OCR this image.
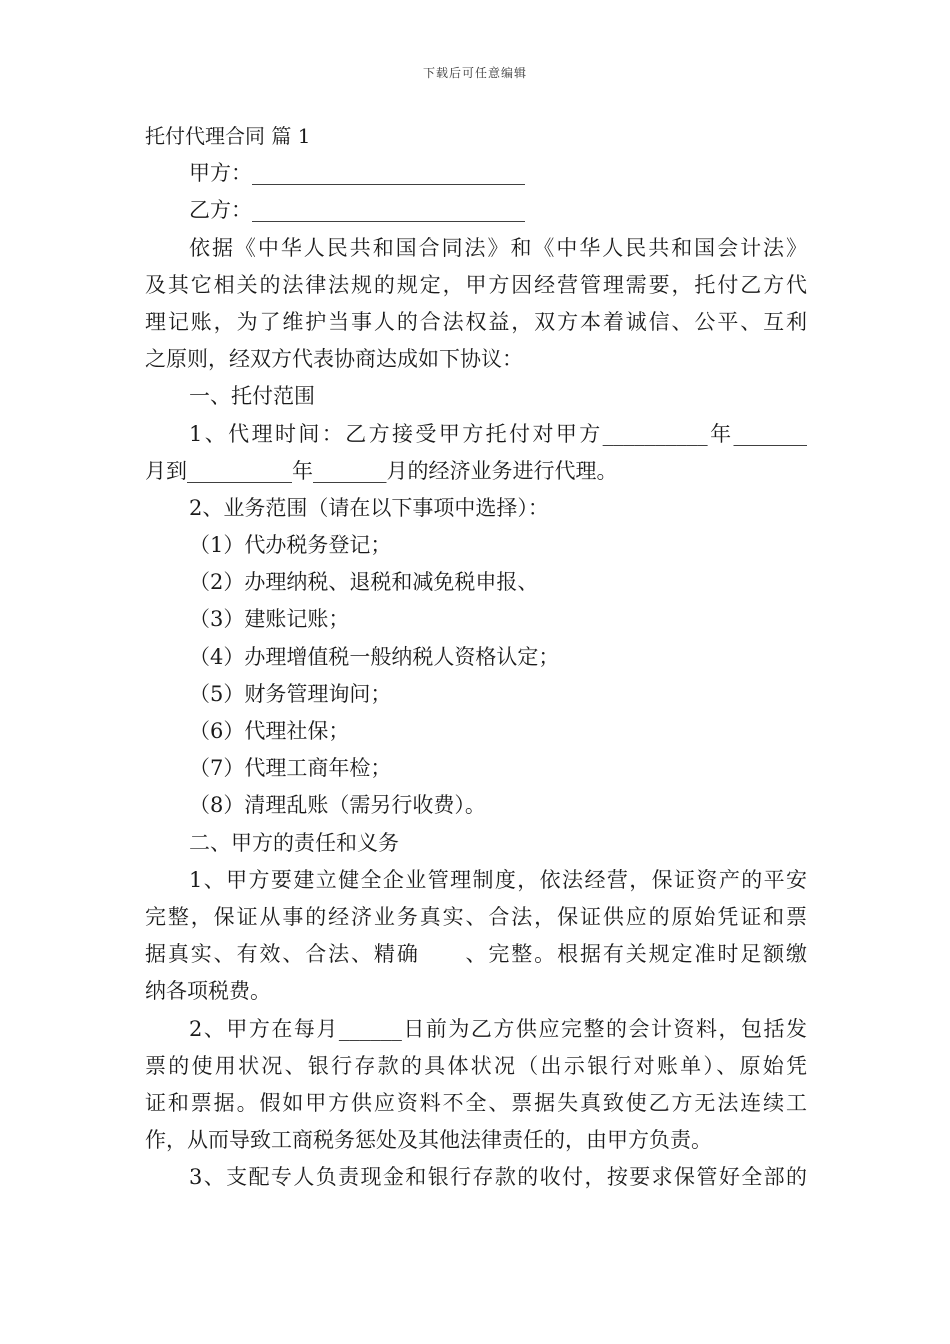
下载后可任意编辑
托付代理合同 篇 1
甲方：__________________________
乙方：__________________________
依据《中华人民共和国合同法》和《中华人民共和国会计法》
及其它相关的法律法规的规定，甲方因经营管理需要，托付乙方代
理记账，为了维护当事人的合法权益，双方本着诚信、公平、互利
之原则，经双方代表协商达成如下协议：
一、托付范围
1、代理时间：乙方接受甲方托付对甲方__________年_______
月到__________年_______月的经济业务进行代理。
2、业务范围（请在以下事项中选择）：
（1）代办税务登记；
（2）办理纳税、退税和减免税申报、
（3）建账记账；
（4）办理增值税一般纳税人资格认定；
（5）财务管理询问；
（6）代理社保；
（7）代理工商年检；
（8）清理乱账（需另行收费）。
二、甲方的责任和义务
1、甲方要建立健全企业管理制度，依法经营，保证资产的平安
完整，保证从事的经济业务真实、合法，保证供应的原始凭证和票
据真实、有效、合法、精确　　、完整。根据有关规定准时足额缴
纳各项税费。
2、甲方在每月______日前为乙方供应完整的会计资料，包括发
票的使用状况、银行存款的具体状况（出示银行对账单）、原始凭
证和票据。假如甲方供应资料不全、票据失真致使乙方无法连续工
作，从而导致工商税务惩处及其他法律责任的，由甲方负责。
3、支配专人负责现金和银行存款的收付，按要求保管好全部的
